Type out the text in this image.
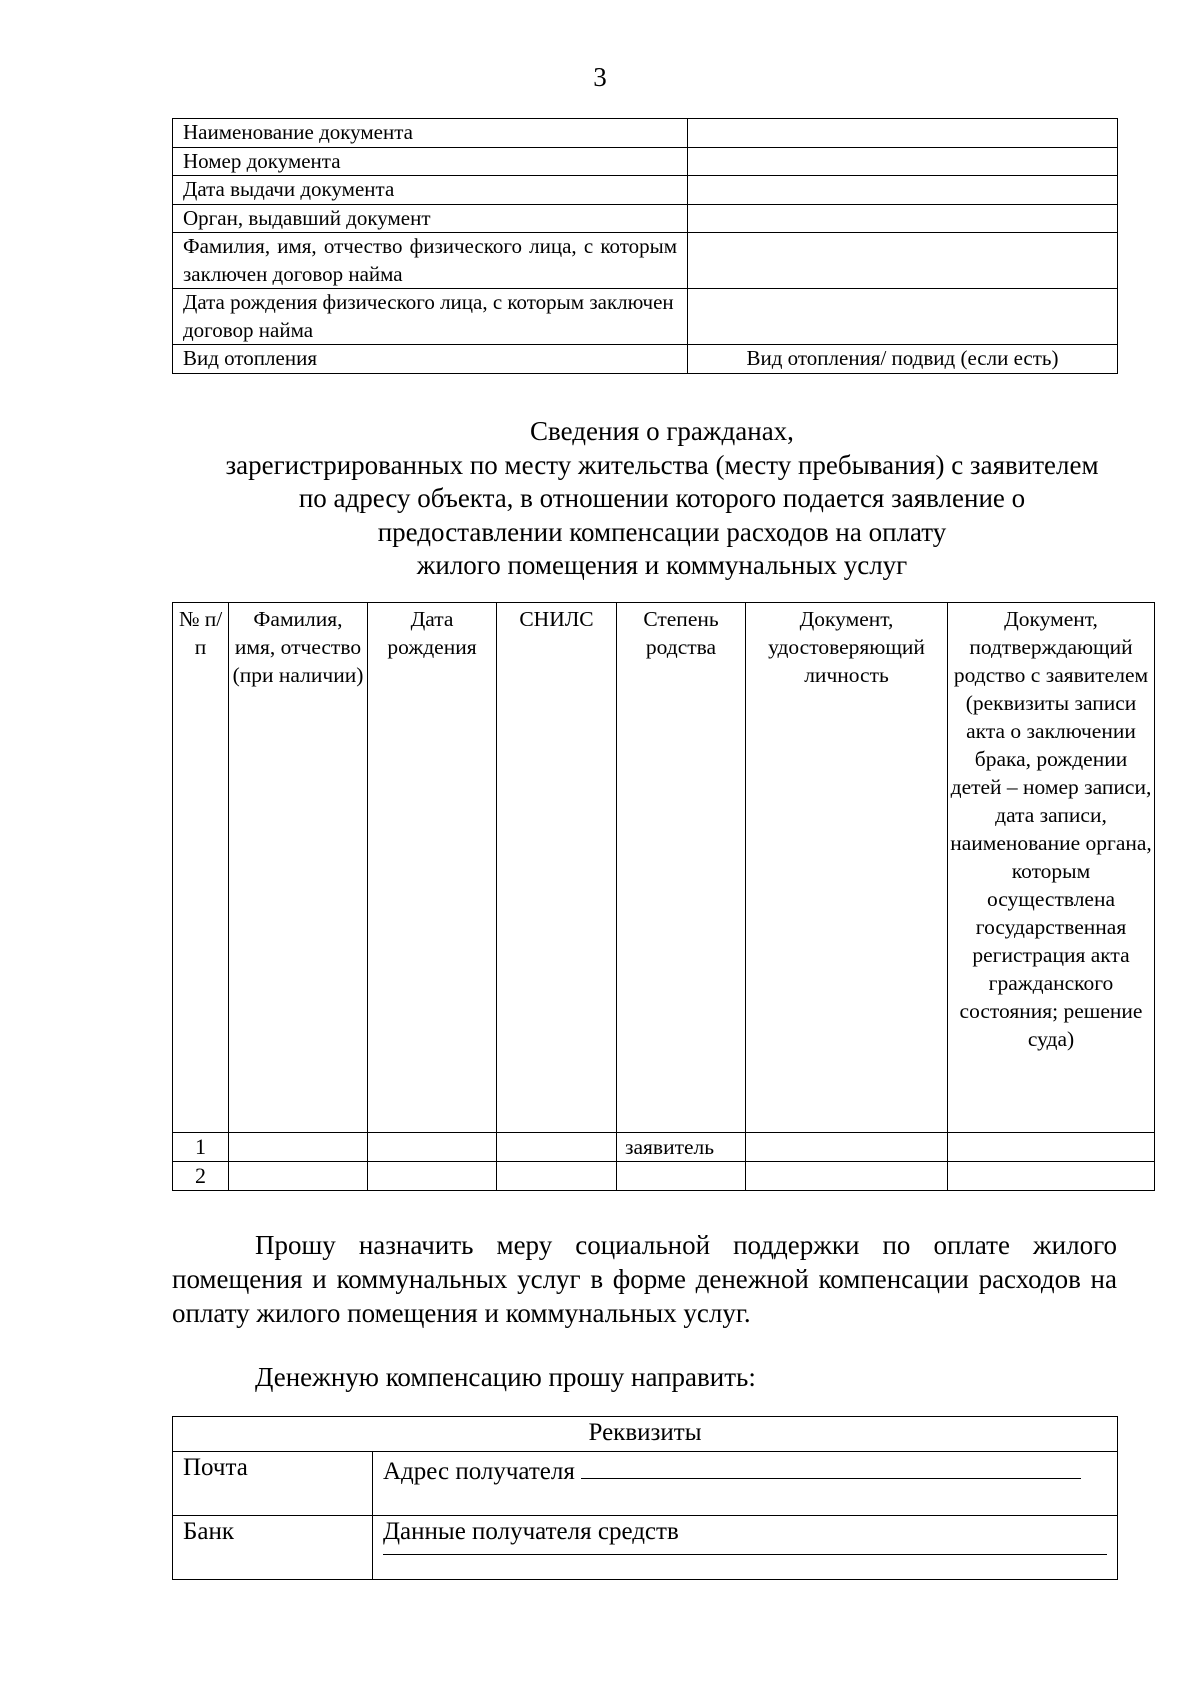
3
Наименование документа	
Номер документа	
Дата выдачи документа	
Орган, выдавший документ	
Фамилия, имя, отчество физического лица, с которым заключен договор найма	
Дата рождения физического лица, с которым заключен договор найма	
Вид отопления	Вид отопления/ подвид (если есть)
Сведения о гражданах,
зарегистрированных по месту жительства (месту пребывания) с заявителем
по адресу объекта, в отношении которого подается заявление о
предоставлении компенсации расходов на оплату
жилого помещения и коммунальных услуг
№ п/п	Фамилия, имя, отчество (при наличии)	Дата рождения	СНИЛС	Степень родства	Документ, удостоверяющий личность	Документ, подтверждающий родство с заявителем (реквизиты записи акта о заключении брака, рождении детей – номер записи, дата записи, наименование органа, которым осуществлена государственная регистрация акта гражданского состояния; решение суда)
1				заявитель		
2						
Прошу назначить меру социальной поддержки по оплате жилого помещения и коммунальных услуг в форме денежной компенсации расходов на оплату жилого помещения и коммунальных услуг.
Денежную компенсацию прошу направить:
Реквизиты	
Почта	Адрес получателя
Банк	Данные получателя средств
